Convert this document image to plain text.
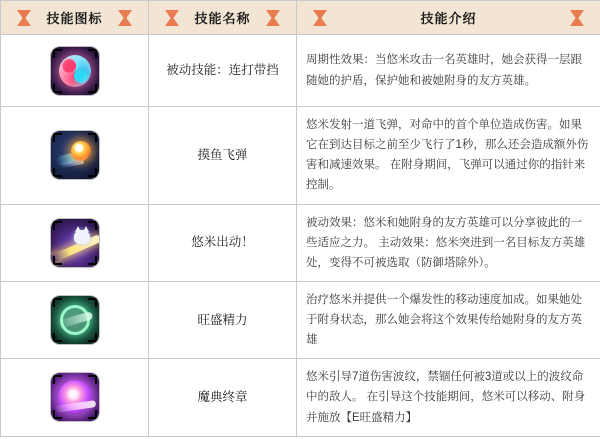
技能图标	技能名称	技能介绍

	被动技能：连打带挡	周期性效果：当悠米攻击一名英雄时，她会获得一层跟随她的护盾，保护她和被她附身的友方英雄。

	摸鱼飞弹	悠米发射一道飞弹，对命中的首个单位造成伤害。如果它在到达目标之前至少飞行了1秒，那么还会造成额外伤害和减速效果。 在附身期间，飞弹可以通过你的指针来控制。

	悠米出动！	被动效果：悠米和她附身的友方英雄可以分享彼此的一些适应之力。 主动效果：悠米突进到一名目标友方英雄处，变得不可被选取（防御塔除外）。

	旺盛精力	治疗悠米并提供一个爆发性的移动速度加成。如果她处于附身状态，那么她会将这个效果传给她附身的友方英雄

	魔典终章	悠米引导7道伤害波纹，禁锢任何被3道或以上的波纹命中的敌人。 在引导这个技能期间，悠米可以移动、附身并施放【E旺盛精力】
